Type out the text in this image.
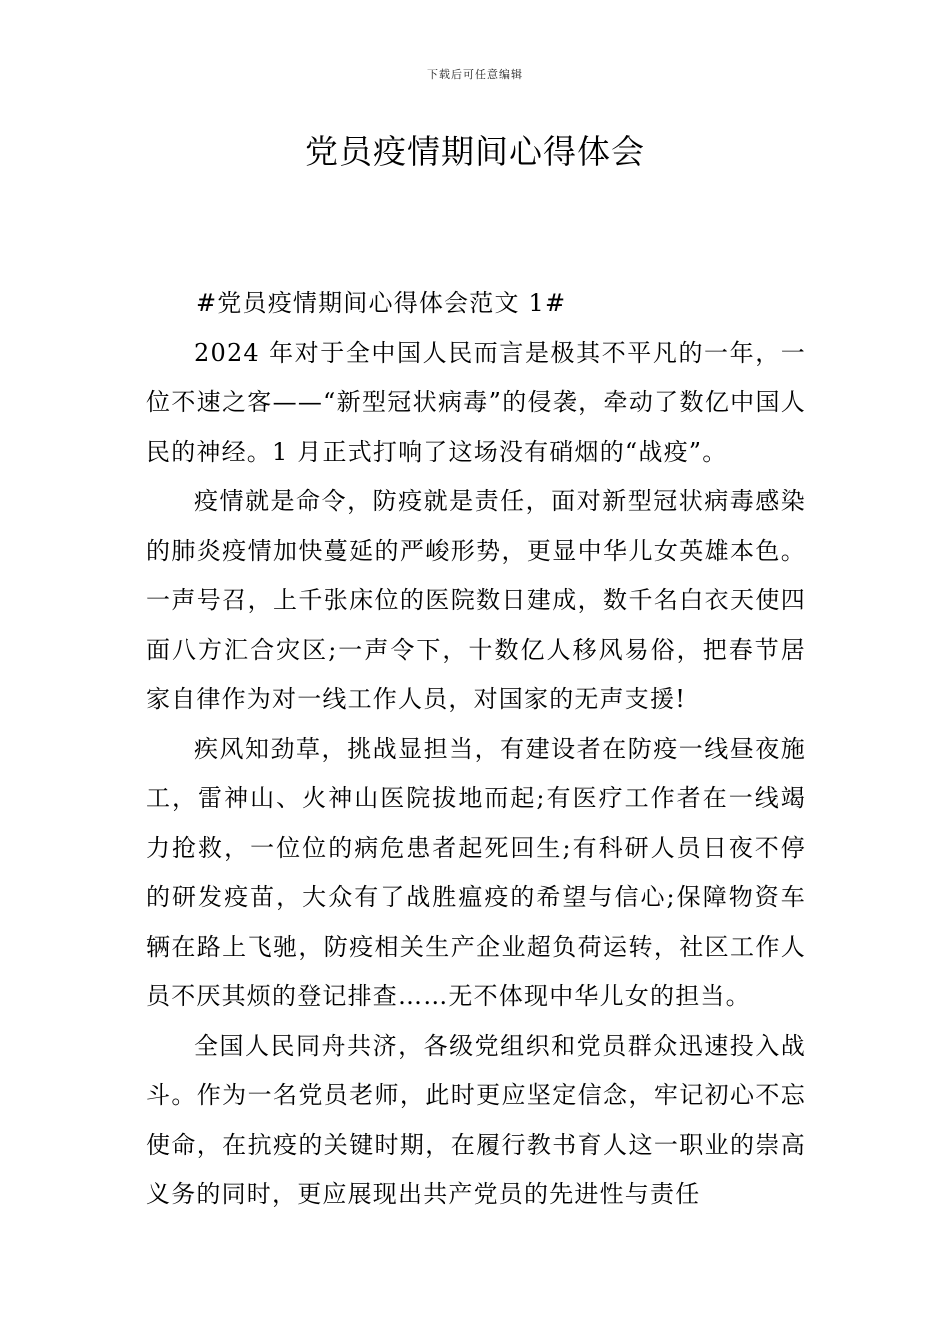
下载后可任意编辑
党员疫情期间心得体会

#党员疫情期间心得体会范文 1#

2024 年对于全中国人民而言是极其不平凡的一年，一位不速之客——“新型冠状病毒”的侵袭，牵动了数亿中国人民的神经。1 月正式打响了这场没有硝烟的“战疫”。

疫情就是命令，防疫就是责任，面对新型冠状病毒感染的肺炎疫情加快蔓延的严峻形势，更显中华儿女英雄本色。一声号召，上千张床位的医院数日建成，数千名白衣天使四面八方汇合灾区;一声令下，十数亿人移风易俗，把春节居家自律作为对一线工作人员，对国家的无声支援!

疾风知劲草，挑战显担当，有建设者在防疫一线昼夜施工，雷神山、火神山医院拔地而起;有医疗工作者在一线竭力抢救，一位位的病危患者起死回生;有科研人员日夜不停的研发疫苗，大众有了战胜瘟疫的希望与信心;保障物资车辆在路上飞驰，防疫相关生产企业超负荷运转，社区工作人员不厌其烦的登记排查……无不体现中华儿女的担当。

全国人民同舟共济，各级党组织和党员群众迅速投入战斗。作为一名党员老师，此时更应坚定信念，牢记初心不忘使命，在抗疫的关键时期，在履行教书育人这一职业的崇高义务的同时，更应展现出共产党员的先进性与责任
